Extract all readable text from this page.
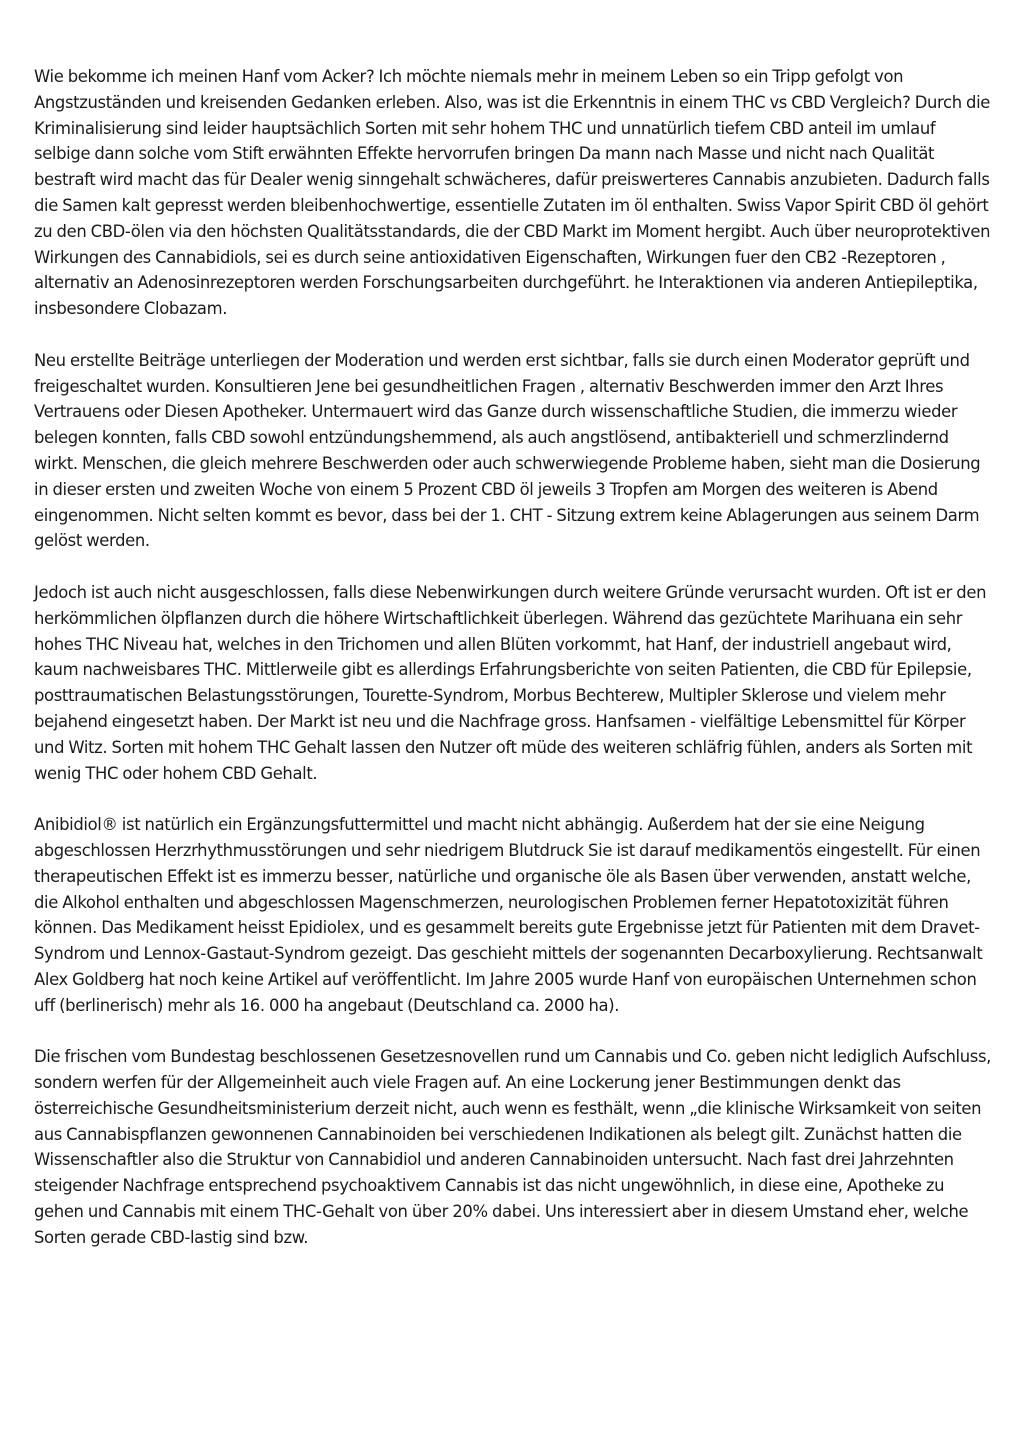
Wie bekomme ich meinen Hanf vom Acker? Ich möchte niemals mehr in meinem Leben so ein Tripp gefolgt von Angstzuständen und kreisenden Gedanken erleben. Also, was ist die Erkenntnis in einem THC vs CBD Vergleich? Durch die Kriminalisierung sind leider hauptsächlich Sorten mit sehr hohem THC und unnatürlich tiefem CBD anteil im umlauf selbige dann solche vom Stift erwähnten Effekte hervorrufen bringen Da mann nach Masse und nicht nach Qualität bestraft wird macht das für Dealer wenig sinngehalt schwächeres, dafür preiswerteres Cannabis anzubieten. Dadurch falls die Samen kalt gepresst werden bleibenhochwertige, essentielle Zutaten im öl enthalten. Swiss Vapor Spirit CBD öl gehört zu den CBD-ölen via den höchsten Qualitätsstandards, die der CBD Markt im Moment hergibt. Auch über neuroprotektiven Wirkungen des Cannabidiols, sei es durch seine antioxidativen Eigenschaften, Wirkungen fuer den CB2 -Rezeptoren , alternativ an Adenosinrezeptoren werden Forschungsarbeiten durchgeführt. he Interaktionen via anderen Antiepileptika, insbesondere Clobazam.

Neu erstellte Beiträge unterliegen der Moderation und werden erst sichtbar, falls sie durch einen Moderator geprüft und freigeschaltet wurden. Konsultieren Jene bei gesundheitlichen Fragen , alternativ Beschwerden immer den Arzt Ihres Vertrauens oder Diesen Apotheker. Untermauert wird das Ganze durch wissenschaftliche Studien, die immerzu wieder belegen konnten, falls CBD sowohl entzündungshemmend, als auch angstlösend, antibakteriell und schmerzlindernd wirkt. Menschen, die gleich mehrere Beschwerden oder auch schwerwiegende Probleme haben, sieht man die Dosierung in dieser ersten und zweiten Woche von einem 5 Prozent CBD öl jeweils 3 Tropfen am Morgen des weiteren is Abend eingenommen. Nicht selten kommt es bevor, dass bei der 1. CHT - Sitzung extrem keine Ablagerungen aus seinem Darm gelöst werden.

Jedoch ist auch nicht ausgeschlossen, falls diese Nebenwirkungen durch weitere Gründe verursacht wurden. Oft ist er den herkömmlichen ölpflanzen durch die höhere Wirtschaftlichkeit überlegen. Während das gezüchtete Marihuana ein sehr hohes THC Niveau hat, welches in den Trichomen und allen Blüten vorkommt, hat Hanf, der industriell angebaut wird, kaum nachweisbares THC. Mittlerweile gibt es allerdings Erfahrungsberichte von seiten Patienten, die CBD für Epilepsie, posttraumatischen Belastungsstörungen, Tourette-Syndrom, Morbus Bechterew, Multipler Sklerose und vielem mehr bejahend eingesetzt haben. Der Markt ist neu und die Nachfrage gross. Hanfsamen - vielfältige Lebensmittel für Körper und Witz. Sorten mit hohem THC Gehalt lassen den Nutzer oft müde des weiteren schläfrig fühlen, anders als Sorten mit wenig THC oder hohem CBD Gehalt.

Anibidiol® ist natürlich ein Ergänzungsfuttermittel und macht nicht abhängig. Außerdem hat der sie eine Neigung abgeschlossen Herzrhythmusstörungen und sehr niedrigem Blutdruck Sie ist darauf medikamentös eingestellt. Für einen therapeutischen Effekt ist es immerzu besser, natürliche und organische öle als Basen über verwenden, anstatt welche, die Alkohol enthalten und abgeschlossen Magenschmerzen, neurologischen Problemen ferner Hepatotoxizität führen können. Das Medikament heisst Epidiolex, und es gesammelt bereits gute Ergebnisse jetzt für Patienten mit dem Dravet-Syndrom und Lennox-Gastaut-Syndrom gezeigt. Das geschieht mittels der sogenannten Decarboxylierung. Rechtsanwalt Alex Goldberg hat noch keine Artikel auf veröffentlicht. Im Jahre 2005 wurde Hanf von europäischen Unternehmen schon uff (berlinerisch) mehr als 16. 000 ha angebaut (Deutschland ca. 2000 ha).

Die frischen vom Bundestag beschlossenen Gesetzesnovellen rund um Cannabis und Co. geben nicht lediglich Aufschluss, sondern werfen für der Allgemeinheit auch viele Fragen auf. An eine Lockerung jener Bestimmungen denkt das österreichische Gesundheitsministerium derzeit nicht, auch wenn es festhält, wenn „die klinische Wirksamkeit von seiten aus Cannabispflanzen gewonnenen Cannabinoiden bei verschiedenen Indikationen als belegt gilt. Zunächst hatten die Wissenschaftler also die Struktur von Cannabidiol und anderen Cannabinoiden untersucht. Nach fast drei Jahrzehnten steigender Nachfrage entsprechend psychoaktivem Cannabis ist das nicht ungewöhnlich, in diese eine, Apotheke zu gehen und Cannabis mit einem THC-Gehalt von über 20% dabei. Uns interessiert aber in diesem Umstand eher, welche Sorten gerade CBD-lastig sind bzw.
